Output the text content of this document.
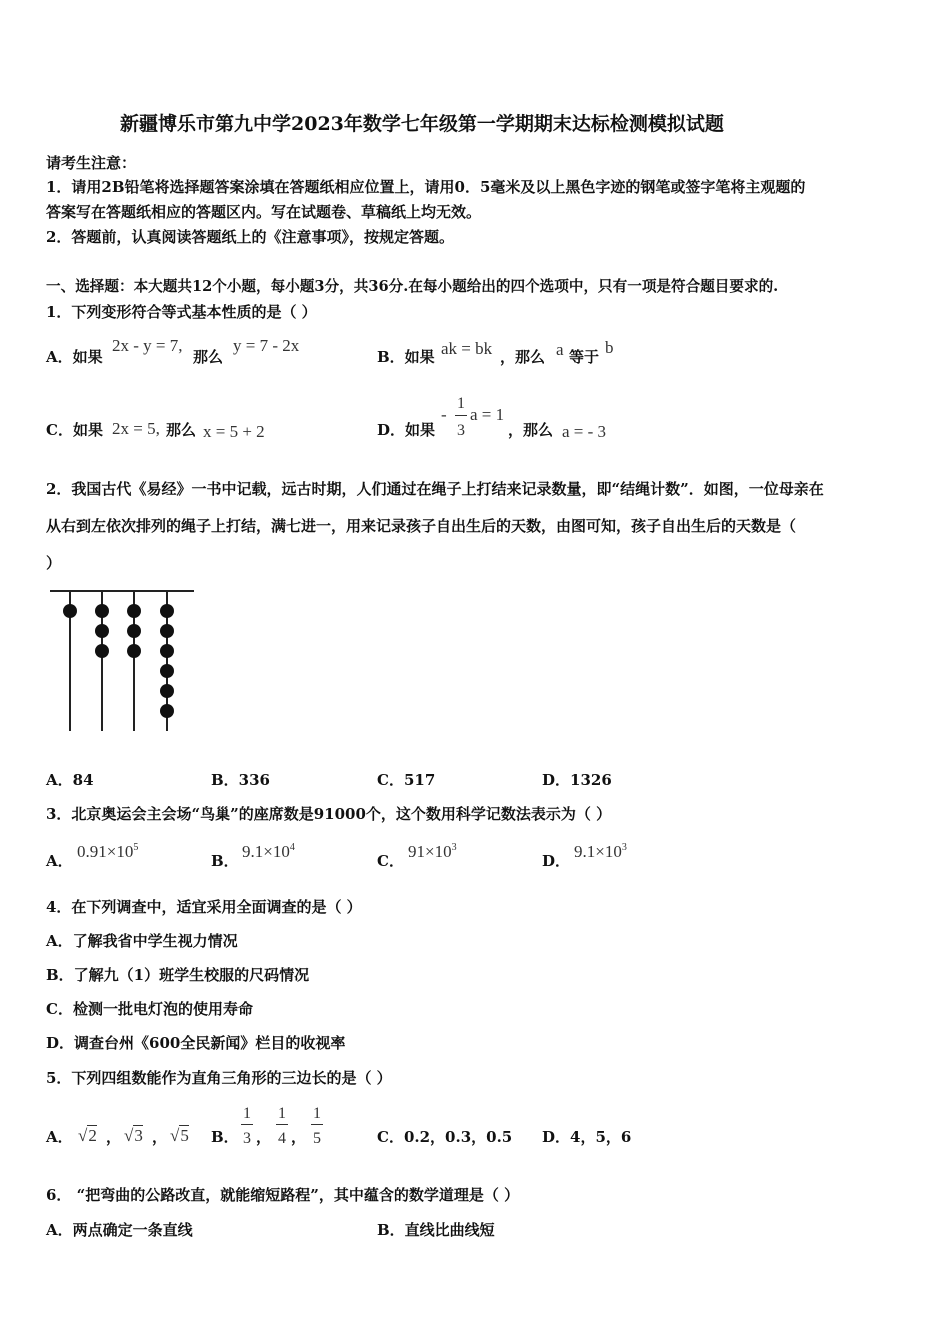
新疆博乐市第九中学2023年数学七年级第一学期期末达标检测模拟试题
请考生注意：
1．请用2B铅笔将选择题答案涂填在答题纸相应位置上，请用0．5毫米及以上黑色字迹的钢笔或签字笔将主观题的
答案写在答题纸相应的答题区内。写在试题卷、草稿纸上均无效。
2．答题前，认真阅读答题纸上的《注意事项》，按规定答题。
一、选择题：本大题共12个小题，每小题3分，共36分.在每小题给出的四个选项中，只有一项是符合题目要求的.
1．下列变形符合等式基本性质的是（ ）
A．如果
2x - y = 7,
那么
y = 7 - 2x
B．如果 ak = bk ，那么 a 等于 b
C．如果 2x = 5, 那么 x = 5 + 2	D．如果
-
1
3
a = 1
，那么 a = - 3
2．我国古代《易经》一书中记载，远古时期，人们通过在绳子上打结来记录数量，即“结绳计数”．如图，一位母亲在
从右到左依次排列的绳子上打结，满七进一，用来记录孩子自出生后的天数，由图可知，孩子自出生后的天数是（
）
A．84	B．336	C．517	D．1326
3．北京奥运会主会场“鸟巢”的座席数是91000个，这个数用科学记数法表示为（ ）
A． $0.91\times 10^5$
B． $9.1\times 10^4$
C． $91\times 10^3$
D． $9.1\times 10^3$
4．在下列调查中，适宜采用全面调查的是（ ）
A．了解我省中学生视力情况
B．了解九（1）班学生校服的尺码情况
C．检测一批电灯泡的使用寿命
D．调查台州《600全民新闻》栏目的收视率
5．下列四组数能作为直角三角形的三边长的是（ ）
A． √2 ， √3 ， √5 B．
1
3 ，
1
4 ，
1
5	C．0.2，0.3，0.5 D．4，5，6
6． “把弯曲的公路改直，就能缩短路程”，其中蕴含的数学道理是（ ）
A．两点确定一条直线	B．直线比曲线短
